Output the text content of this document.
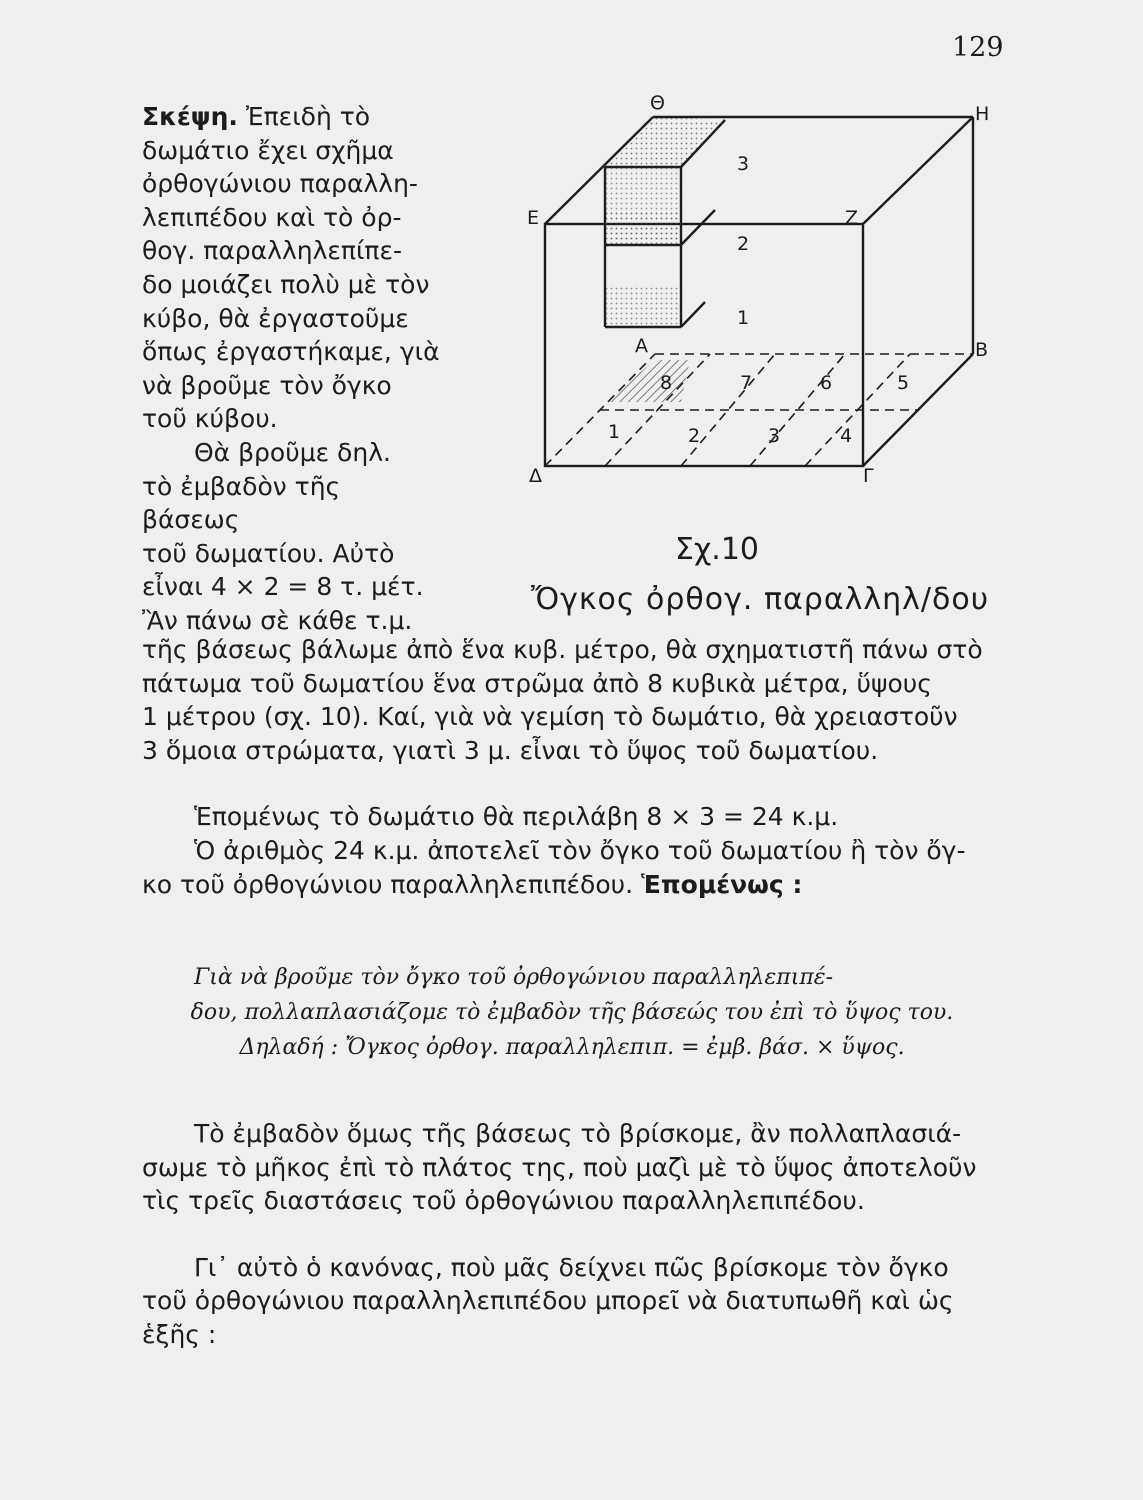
129

Σκέψη. Ἐπειδὴ τὸ

δωμάτιο ἔχει σχῆμα

ὀρθογώνιου παραλλη-

λεπιπέδου καὶ τὸ ὀρ-

θογ. παραλληλεπίπε-

δο μοιάζει πολὺ μὲ τὸν

κύβο, θὰ ἐργαστοῦμε

ὅπως ἐργαστήκαμε, γιὰ

νὰ βροῦμε τὸν ὄγκο

τοῦ κύβου.

Θὰ βροῦμε δηλ.

τὸ ἐμβαδὸν τῆς βάσεως

τοῦ δωματίου. Αὐτὸ

εἶναι 4 × 2 = 8 τ. μέτ.

Ἂν πάνω σὲ κάθε τ.μ.

Θ	Η
Ε	Ζ
Α	Β
Δ	Γ
3
2
1
8	7	6	5
1	2	3	4
Σχ.10
Ὄγκος ὀρθογ. παραλληλ/δου

τῆς βάσεως βάλωμε ἀπὸ ἕνα κυβ. μέτρο, θὰ σχηματιστῆ πάνω στὸ

πάτωμα τοῦ δωματίου ἕνα στρῶμα ἀπὸ 8 κυβικὰ μέτρα, ὕψους

1 μέτρου (σχ. 10). Καί, γιὰ νὰ γεμίση τὸ δωμάτιο, θὰ χρειαστοῦν

3 ὅμοια στρώματα, γιατὶ 3 μ. εἶναι τὸ ὕψος τοῦ δωματίου.

Ἑπομένως τὸ δωμάτιο θὰ περιλάβη 8 × 3 = 24 κ.μ.

Ὁ ἀριθμὸς 24 κ.μ. ἀποτελεῖ τὸν ὄγκο τοῦ δωματίου ἢ τὸν ὄγ-

κο τοῦ ὀρθογώνιου παραλληλεπιπέδου. Ἑπομένως :

Γιὰ νὰ βροῦμε τὸν ὄγκο τοῦ ὀρθογώνιου παραλληλεπιπέ-

δου, πολλαπλασιάζομε τὸ ἐμβαδὸν τῆς βάσεώς του ἐπὶ τὸ ὕψος του.

Δηλαδή : Ὄγκος ὀρθογ. παραλληλεπιπ. = ἐμβ. βάσ. × ὕψος.

Τὸ ἐμβαδὸν ὅμως τῆς βάσεως τὸ βρίσκομε, ἂν πολλαπλασιά-

σωμε τὸ μῆκος ἐπὶ τὸ πλάτος της, ποὺ μαζὶ μὲ τὸ ὕψος ἀποτελοῦν

τὶς τρεῖς διαστάσεις τοῦ ὀρθογώνιου παραλληλεπιπέδου.

Γι᾿ αὐτὸ ὁ κανόνας, ποὺ μᾶς δείχνει πῶς βρίσκομε τὸν ὄγκο

τοῦ ὀρθογώνιου παραλληλεπιπέδου μπορεῖ νὰ διατυπωθῆ καὶ ὡς

ἑξῆς :
